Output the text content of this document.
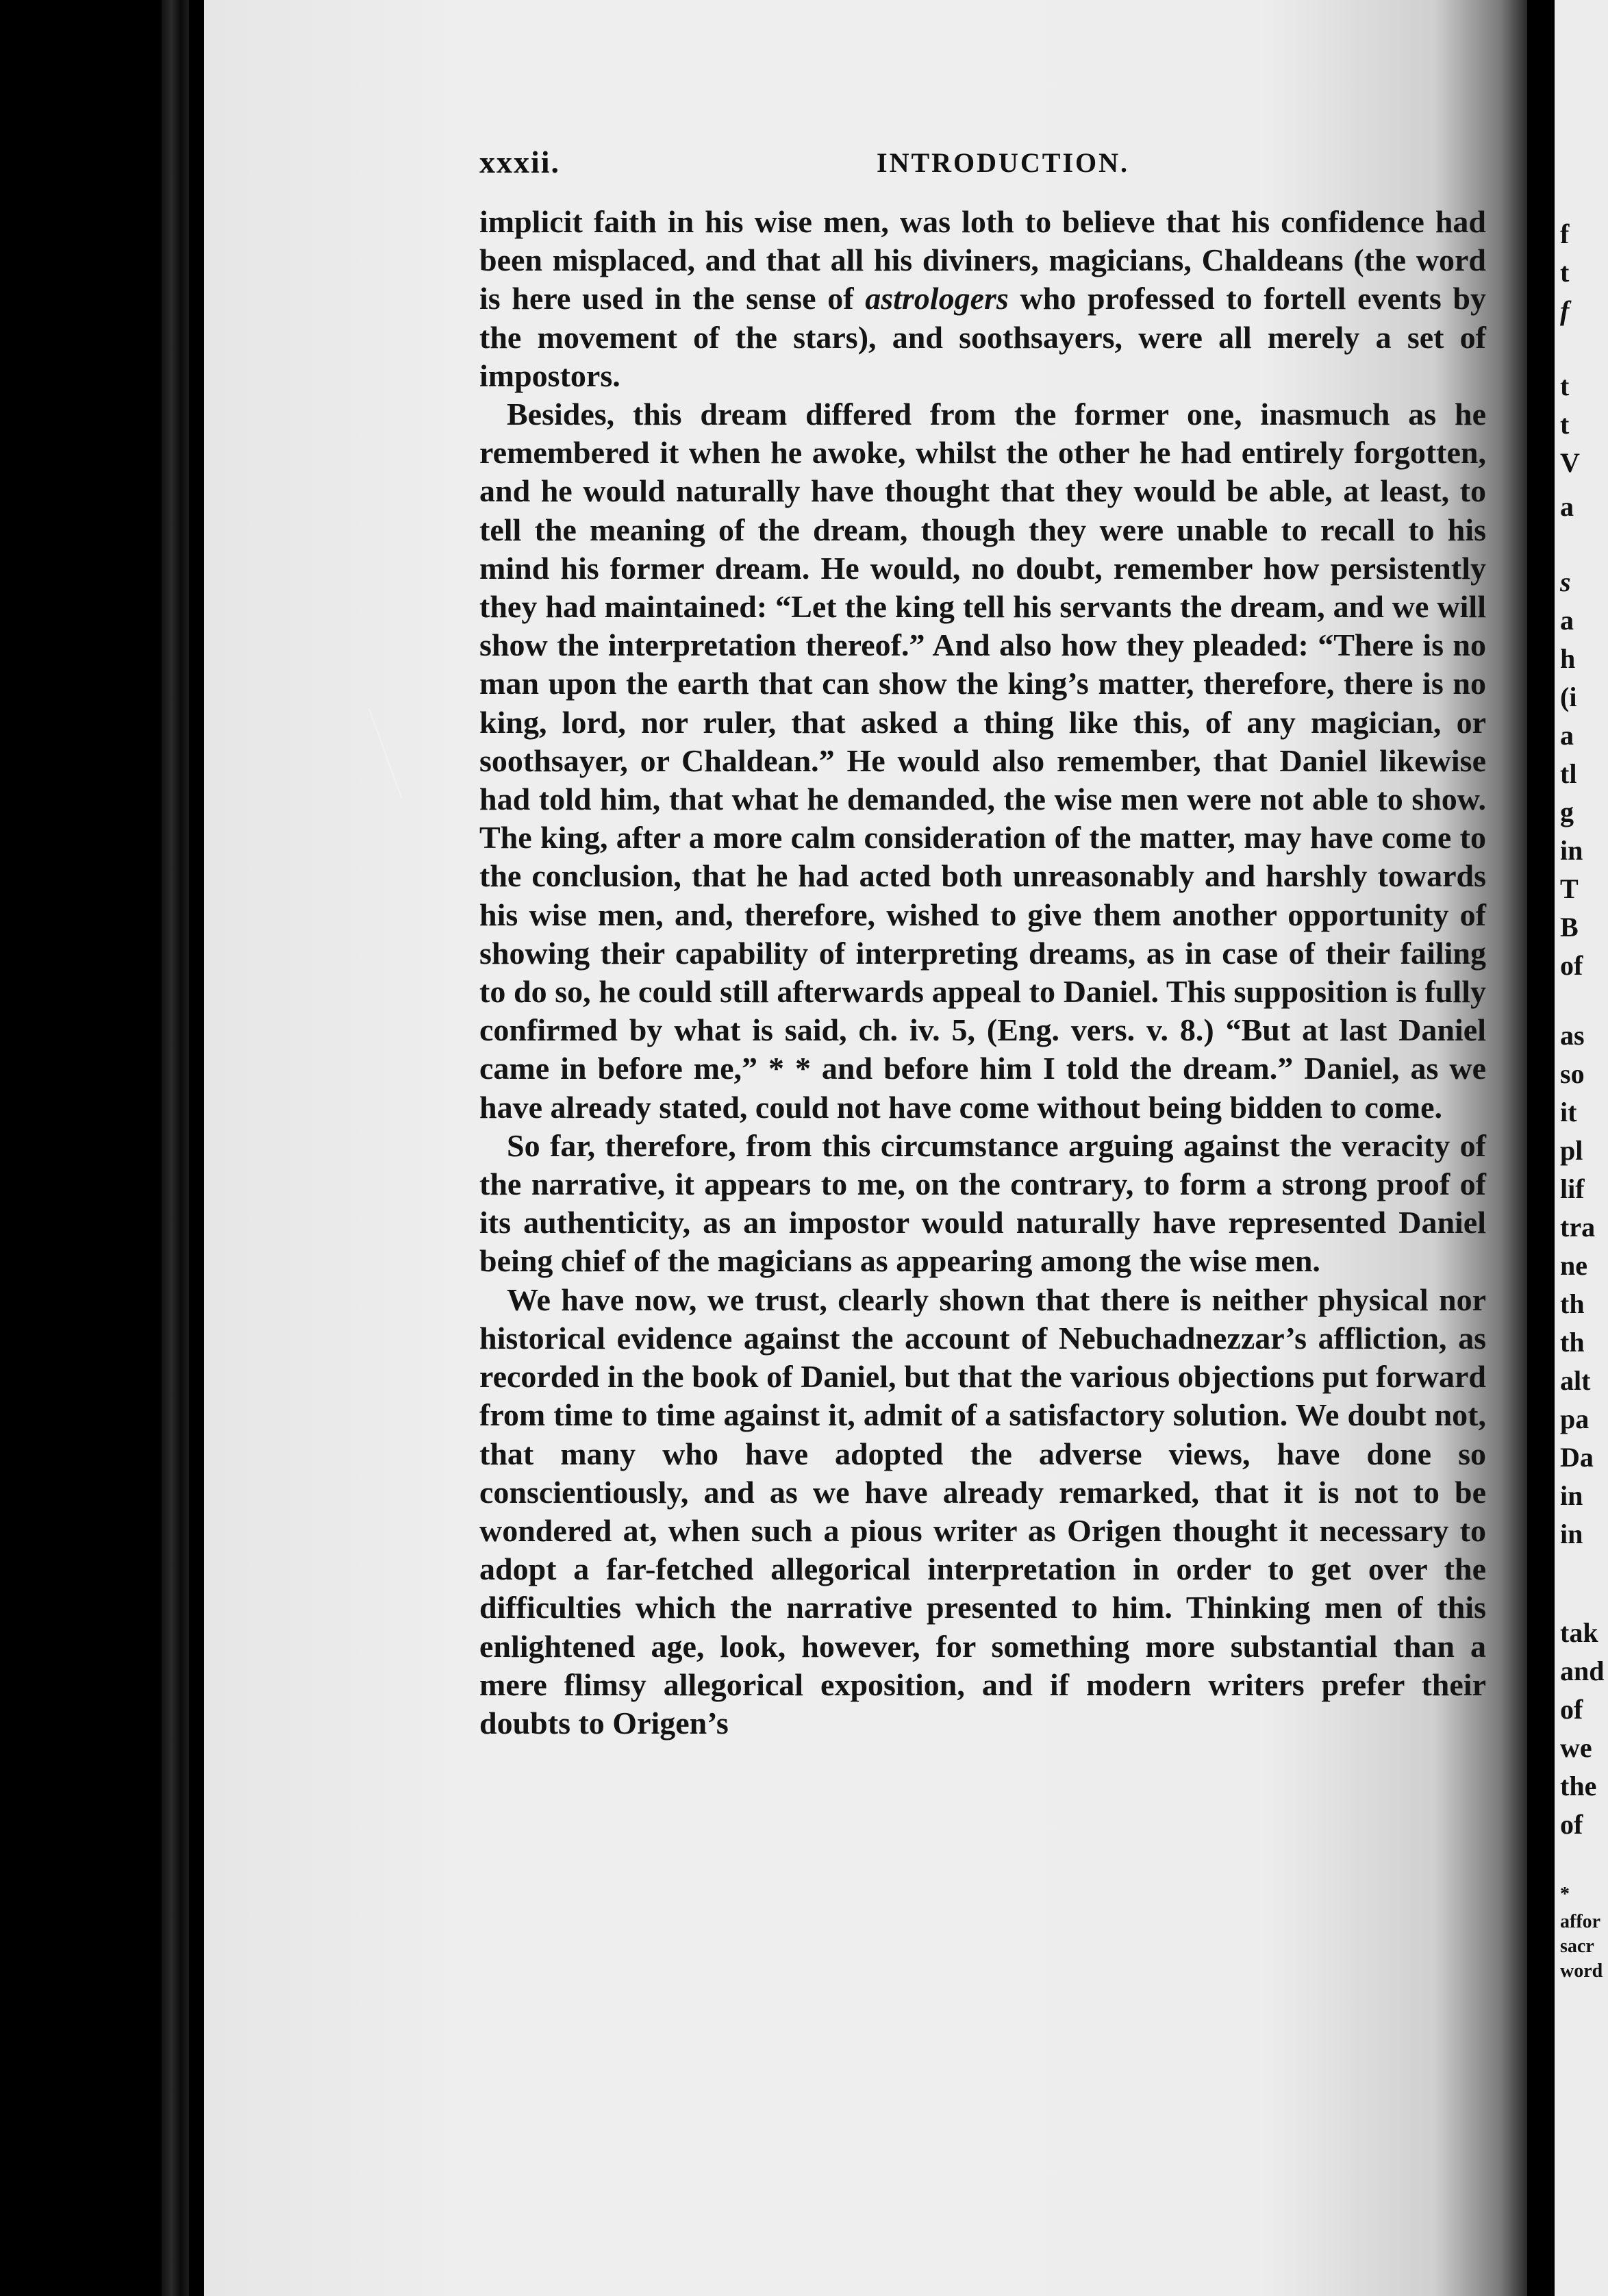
xxxii.	INTRODUCTION.

implicit faith in his wise men, was loth to believe that his confidence had been misplaced, and that all his diviners, magicians, Chaldeans (the word is here used in the sense of astrologers who professed to fortell events by the movement of the stars), and soothsayers, were all merely a set of impostors.

Besides, this dream differed from the former one, inasmuch as he remembered it when he awoke, whilst the other he had entirely forgotten, and he would naturally have thought that they would be able, at least, to tell the meaning of the dream, though they were unable to recall to his mind his former dream. He would, no doubt, remember how persistently they had maintained: “Let the king tell his servants the dream, and we will show the interpretation thereof.” And also how they pleaded: “There is no man upon the earth that can show the king’s matter, therefore, there is no king, lord, nor ruler, that asked a thing like this, of any magician, or soothsayer, or Chaldean.” He would also remember, that Daniel likewise had told him, that what he demanded, the wise men were not able to show. The king, after a more calm consideration of the matter, may have come to the conclusion, that he had acted both unreasonably and harshly towards his wise men, and, therefore, wished to give them another opportunity of showing their capability of interpreting dreams, as in case of their failing to do so, he could still afterwards appeal to Daniel. This supposition is fully confirmed by what is said, ch. iv. 5, (Eng. vers. v. 8.) “But at last Daniel came in before me,” * * and before him I told the dream.” Daniel, as we have already stated, could not have come without being bidden to come.

So far, therefore, from this circumstance arguing against the veracity of the narrative, it appears to me, on the contrary, to form a strong proof of its authenticity, as an impostor would naturally have represented Daniel being chief of the magicians as appearing among the wise men.

We have now, we trust, clearly shown that there is neither physical nor historical evidence against the account of Nebuchadnezzar’s affliction, as recorded in the book of Daniel, but that the various objections put forward from time to time against it, admit of a satisfactory solution. We doubt not, that many who have adopted the adverse views, have done so conscientiously, and as we have already remarked, that it is not to be wondered at, when such a pious writer as Origen thought it necessary to adopt a far-fetched allegorical interpretation in order to get over the difficulties which the narrative presented to him. Thinking men of this enlightened age, look, however, for something more substantial than a mere flimsy allegorical exposition, and if modern writers prefer their doubts to Origen’s

f
t
f
t
t
V
a
s
a
h
(i
a
tl
g
in
T
B
of
as
so
it
pl
lif
tra
ne
th
th
alt
pa
Da
in
in
tak
and
of
we
the
of
*
affor
sacr
word
